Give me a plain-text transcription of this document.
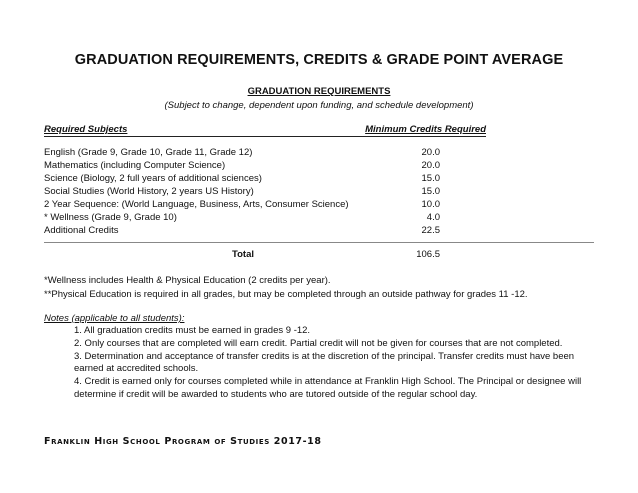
GRADUATION REQUIREMENTS, CREDITS & GRADE POINT AVERAGE
GRADUATION REQUIREMENTS
(Subject to change, dependent upon funding, and schedule development)
Required Subjects	Minimum Credits Required
English (Grade 9, Grade 10, Grade 11, Grade 12)	20.0
Mathematics (including Computer Science)	20.0
Science (Biology, 2 full years of additional sciences)	15.0
Social Studies (World History, 2 years US History)	15.0
2 Year Sequence: (World Language, Business, Arts, Consumer Science)	10.0
* Wellness (Grade 9, Grade 10)	4.0
Additional Credits	22.5
Total	106.5
*Wellness includes Health & Physical Education (2 credits per year).
**Physical Education is required in all grades, but may be completed through an outside pathway for grades 11 -12.
Notes (applicable to all students):

1. All graduation credits must be earned in grades 9 -12.

2. Only courses that are completed will earn credit. Partial credit will not be given for courses that are not completed.

3. Determination and acceptance of transfer credits is at the discretion of the principal. Transfer credits must have been earned at accredited schools.

4. Credit is earned only for courses completed while in attendance at Franklin High School. The Principal or designee will determine if credit will be awarded to students who are tutored outside of the regular school day.

Franklin High School Program of Studies 2017-18
